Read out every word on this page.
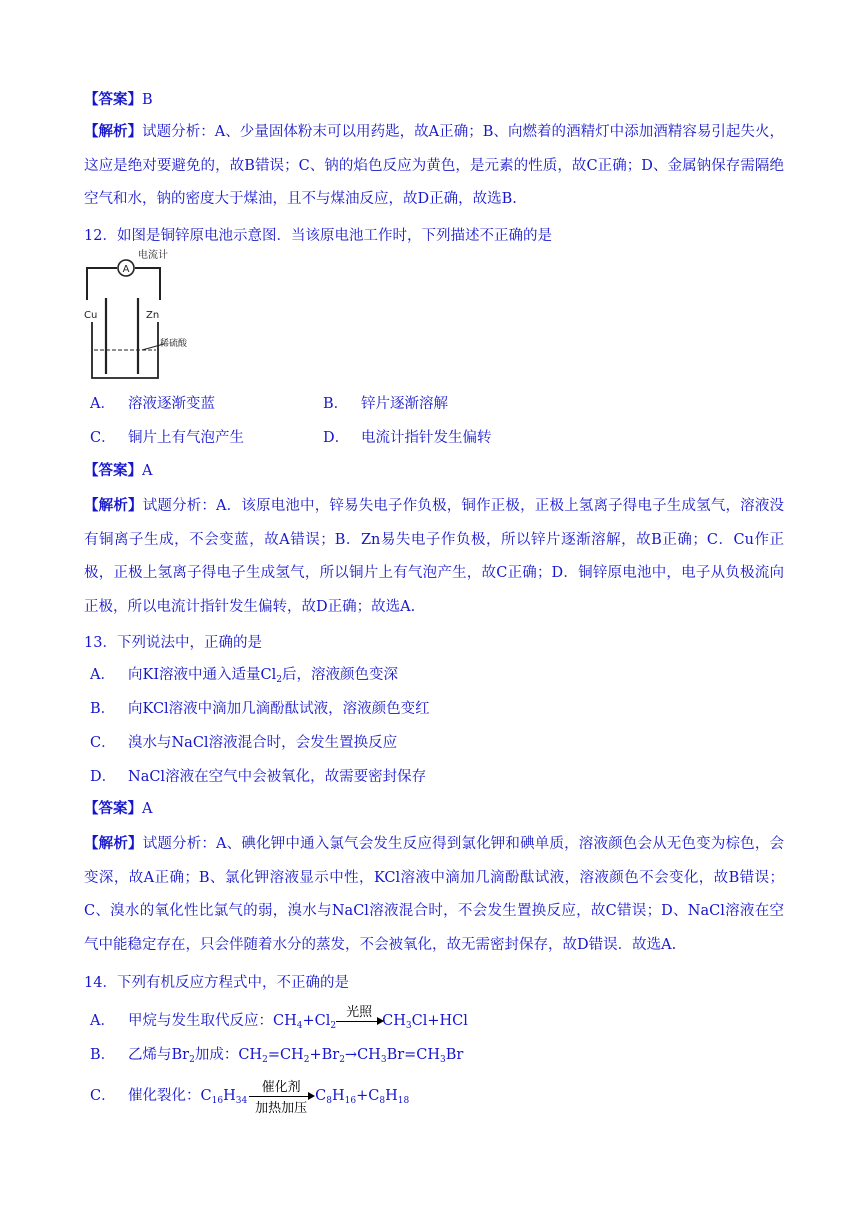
【答案】B
【解析】试题分析：A、少量固体粉末可以用药匙，故A正确；B、向燃着的酒精灯中添加酒精容易引起失火，这应是绝对要避免的，故B错误；C、钠的焰色反应为黄色，是元素的性质，故C正确；D、金属钠保存需隔绝空气和水，钠的密度大于煤油，且不与煤油反应，故D正确，故选B.
12．如图是铜锌原电池示意图．当该原电池工作时，下列描述不正确的是
A
电流计
Cu	Zn
稀硫酸
A． 溶液逐渐变蓝	B． 锌片逐渐溶解
C． 铜片上有气泡产生	D． 电流计指针发生偏转
【答案】A
【解析】试题分析：A．该原电池中，锌易失电子作负极，铜作正极，正极上氢离子得电子生成氢气，溶液没有铜离子生成，不会变蓝，故A错误；B．Zn易失电子作负极，所以锌片逐渐溶解，故B正确；C．Cu作正极，正极上氢离子得电子生成氢气，所以铜片上有气泡产生，故C正确；D．铜锌原电池中，电子从负极流向正极，所以电流计指针发生偏转，故D正确；故选A.
13．下列说法中，正确的是
A． 向KI溶液中通入适量$Cl_2$后，溶液颜色变深
B． 向KCl溶液中滴加几滴酚酞试液，溶液颜色变红
C． 溴水与NaCl溶液混合时，会发生置换反应
D． NaCl溶液在空气中会被氧化，故需要密封保存
【答案】A
【解析】试题分析：A、碘化钾中通入氯气会发生反应得到氯化钾和碘单质，溶液颜色会从无色变为棕色，会变深，故A正确；B、氯化钾溶液显示中性，KCl溶液中滴加几滴酚酞试液，溶液颜色不会变化，故B错误；C、溴水的氧化性比氯气的弱，溴水与NaCl溶液混合时，不会发生置换反应，故C错误；D、NaCl溶液在空气中能稳定存在，只会伴随着水分的蒸发，不会被氧化，故无需密封保存，故D错误．故选A.
14．下列有机反应方程式中，不正确的是
A． 甲烷与发生取代反应：$CH_4+Cl_2$
光照
$CH_3Cl+HCl$
B． 乙烯与$Br_2$加成：$CH_2=CH_2+Br_2\to CH_3Br=CH_3Br$
C． 催化裂化：$C_{16}H_{34}$
催化剂
加热加压
$C_8H_{16}+C_8H_{18}$
